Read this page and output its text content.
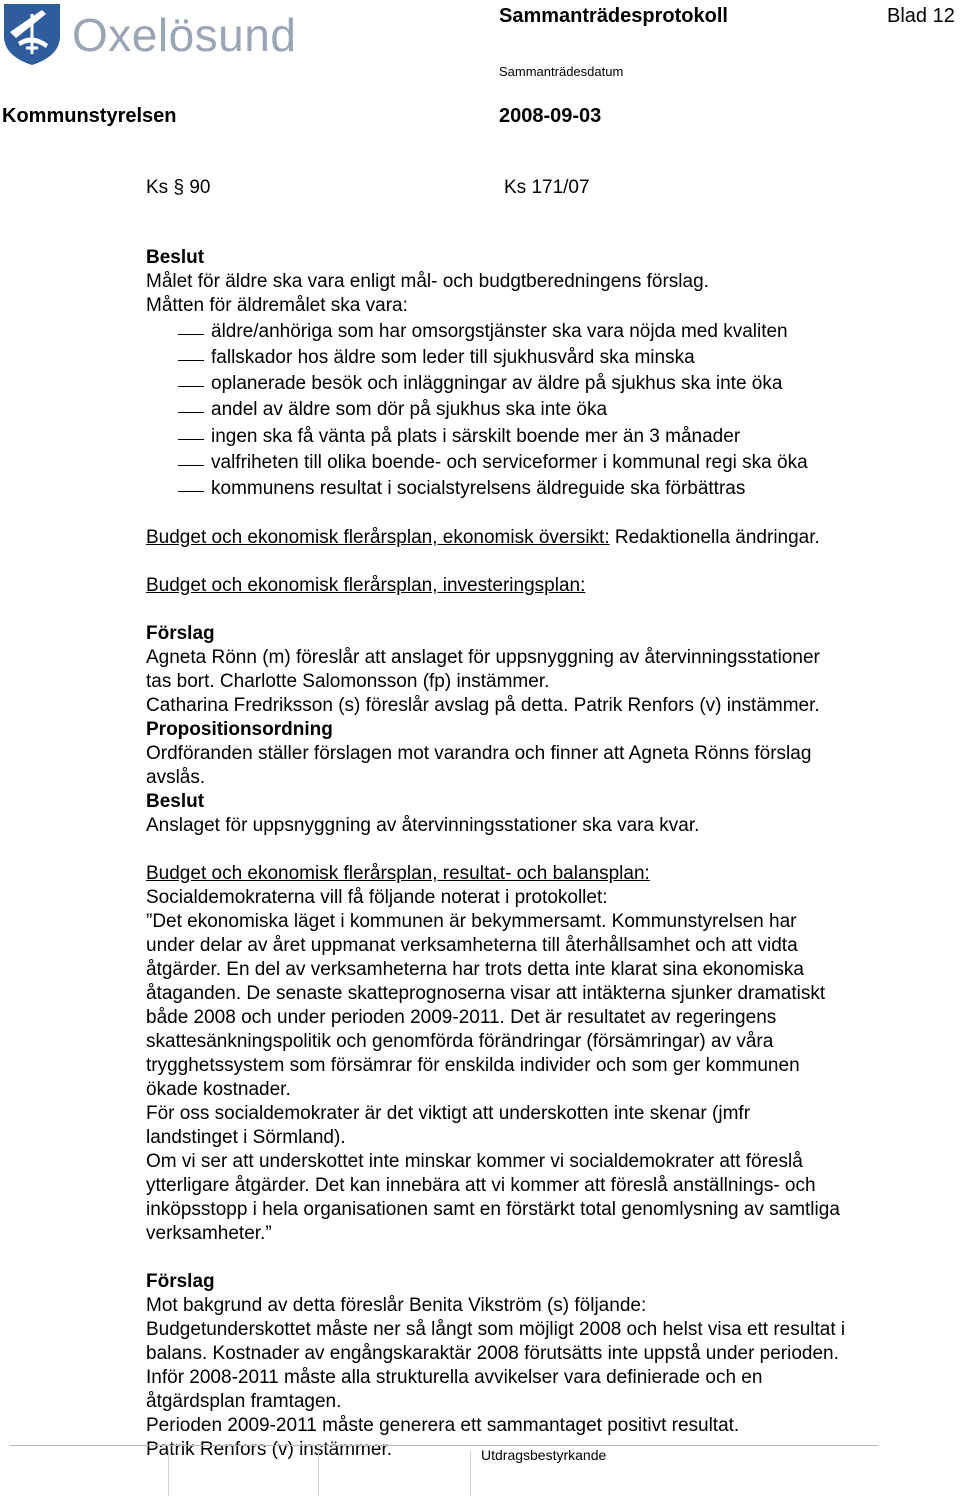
Oxelösund	Sammanträdesprotokoll	Blad 12
Sammanträdesdatum
Kommunstyrelsen	2008-09-03
Ks § 90	Ks 171/07
Beslut
Målet för äldre ska vara enligt mål- och budgtberedningens förslag.
Måtten för äldremålet ska vara:
äldre/anhöriga som har omsorgstjänster ska vara nöjda med kvaliten
fallskador hos äldre som leder till sjukhusvård ska minska
oplanerade besök och inläggningar av äldre på sjukhus ska inte öka
andel av äldre som dör på sjukhus ska inte öka
ingen ska få vänta på plats i särskilt boende mer än 3 månader
valfriheten till olika boende- och serviceformer i kommunal regi ska öka
kommunens resultat i socialstyrelsens äldreguide ska förbättras
Budget och ekonomisk flerårsplan, ekonomisk översikt: Redaktionella ändringar.
Budget och ekonomisk flerårsplan, investeringsplan:
Förslag
Agneta Rönn (m) föreslår att anslaget för uppsnyggning av återvinningsstationer
tas bort. Charlotte Salomonsson (fp) instämmer.
Catharina Fredriksson (s) föreslår avslag på detta. Patrik Renfors (v) instämmer.
Propositionsordning
Ordföranden ställer förslagen mot varandra och finner att Agneta Rönns förslag
avslås.
Beslut
Anslaget för uppsnyggning av återvinningsstationer ska vara kvar.
Budget och ekonomisk flerårsplan, resultat- och balansplan:
Socialdemokraterna vill få följande noterat i protokollet:
”Det ekonomiska läget i kommunen är bekymmersamt. Kommunstyrelsen har
under delar av året uppmanat verksamheterna till återhållsamhet och att vidta
åtgärder. En del av verksamheterna har trots detta inte klarat sina ekonomiska
åtaganden. De senaste skatteprognoserna visar att intäkterna sjunker dramatiskt
både 2008 och under perioden 2009-2011. Det är resultatet av regeringens
skattesänkningspolitik och genomförda förändringar (försämringar) av våra
trygghetssystem som försämrar för enskilda individer och som ger kommunen
ökade kostnader.
För oss socialdemokrater är det viktigt att underskotten inte skenar (jmfr
landstinget i Sörmland).
Om vi ser att underskottet inte minskar kommer vi socialdemokrater att föreslå
ytterligare åtgärder. Det kan innebära att vi kommer att föreslå anställnings- och
inköpsstopp i hela organisationen samt en förstärkt total genomlysning av samtliga
verksamheter.”
Förslag
Mot bakgrund av detta föreslår Benita Vikström (s) följande:
Budgetunderskottet måste ner så långt som möjligt 2008 och helst visa ett resultat i
balans. Kostnader av engångskaraktär 2008 förutsätts inte uppstå under perioden.
Inför 2008-2011 måste alla strukturella avvikelser vara definierade och en
åtgärdsplan framtagen.
Perioden 2009-2011 måste generera ett sammantaget positivt resultat.
Patrik Renfors (v) instämmer.	Utdragsbestyrkande
